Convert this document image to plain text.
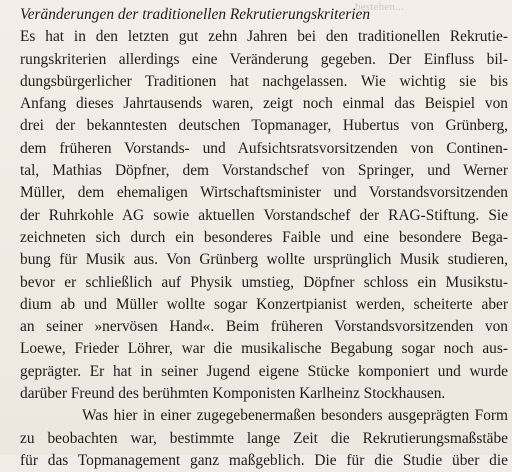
bestehen...
Veränderungen der traditionellen Rekrutierungskriterien
Es hat in den letzten gut zehn Jahren bei den traditionellen Rekrutie-
rungskriterien allerdings eine Veränderung gegeben. Der Einfluss bil-
dungsbürgerlicher Traditionen hat nachgelassen. Wie wichtig sie bis
Anfang dieses Jahrtausends waren, zeigt noch einmal das Beispiel von
drei der bekanntesten deutschen Topmanager, Hubertus von Grünberg,
dem früheren Vorstands- und Aufsichtsratsvorsitzenden von Continen-
tal, Mathias Döpfner, dem Vorstandschef von Springer, und Werner
Müller, dem ehemaligen Wirtschaftsminister und Vorstandsvorsitzenden
der Ruhrkohle AG sowie aktuellen Vorstandschef der RAG-Stiftung. Sie
zeichneten sich durch ein besonderes Faible und eine besondere Bega-
bung für Musik aus. Von Grünberg wollte ursprünglich Musik studieren,
bevor er schließlich auf Physik umstieg, Döpfner schloss ein Musikstu-
dium ab und Müller wollte sogar Konzertpianist werden, scheiterte aber
an seiner »nervösen Hand«. Beim früheren Vorstandsvorsitzenden von
Loewe, Frieder Löhrer, war die musikalische Begabung sogar noch aus-
geprägter. Er hat in seiner Jugend eigene Stücke komponiert und wurde
darüber Freund des berühmten Komponisten Karlheinz Stockhausen.
Was hier in einer zugegebenermaßen besonders ausgeprägten Form
zu beobachten war, bestimmte lange Zeit die Rekrutierungsmaßstäbe
für das Topmanagement ganz maßgeblich. Die für die Studie über die
